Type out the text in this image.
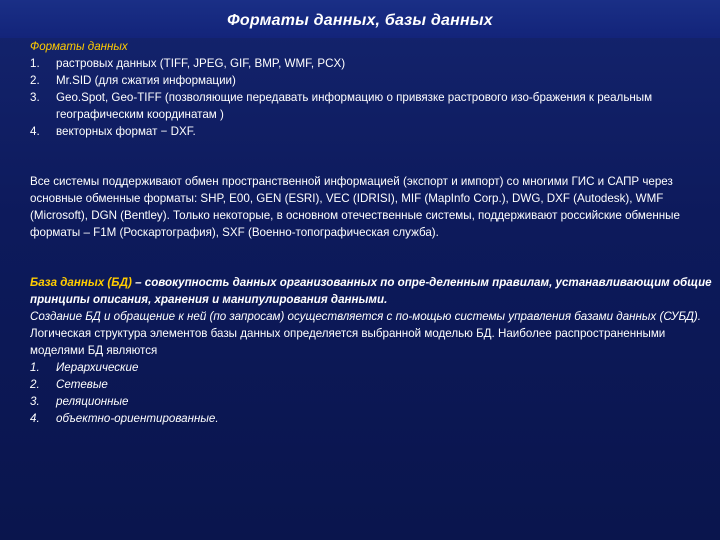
Форматы данных, базы данных
Форматы данных
1.	растровых данных (TIFF, JPEG, GIF, BMP, WMF, PCX)
2.	Mr.SID (для сжатия информации)
3.	Geo.Spot, Geo-TIFF (позволяющие передавать информацию о привязке растрового изо-бражения к реальным географическим координатам )
4.	векторных формат − DXF.
Все системы поддерживают обмен пространственной информацией (экспорт и импорт) со многими ГИС и САПР через основные обменные форматы: SHP, E00, GEN (ESRI), VEC (IDRISI), MIF (MapInfo Corp.), DWG, DXF (Autodesk), WMF (Microsoft), DGN (Bentley). Только некоторые, в основном отечественные системы, поддерживают российские обменные форматы – F1M (Роскартография), SXF (Военно-топографическая служба).
База данных (БД) – совокупность данных организованных по опре-деленным правилам, устанавливающим общие принципы описания, хранения и манипулирования данными.
Создание БД и обращение к ней (по запросам) осуществляется с по-мощью системы управления базами данных (СУБД).
Логическая структура элементов базы данных определяется выбранной моделью БД. Наиболее распространенными моделями БД являются
1.	Иерархические
2.	Сетевые
3.	реляционные
4.	объектно-ориентированные.
